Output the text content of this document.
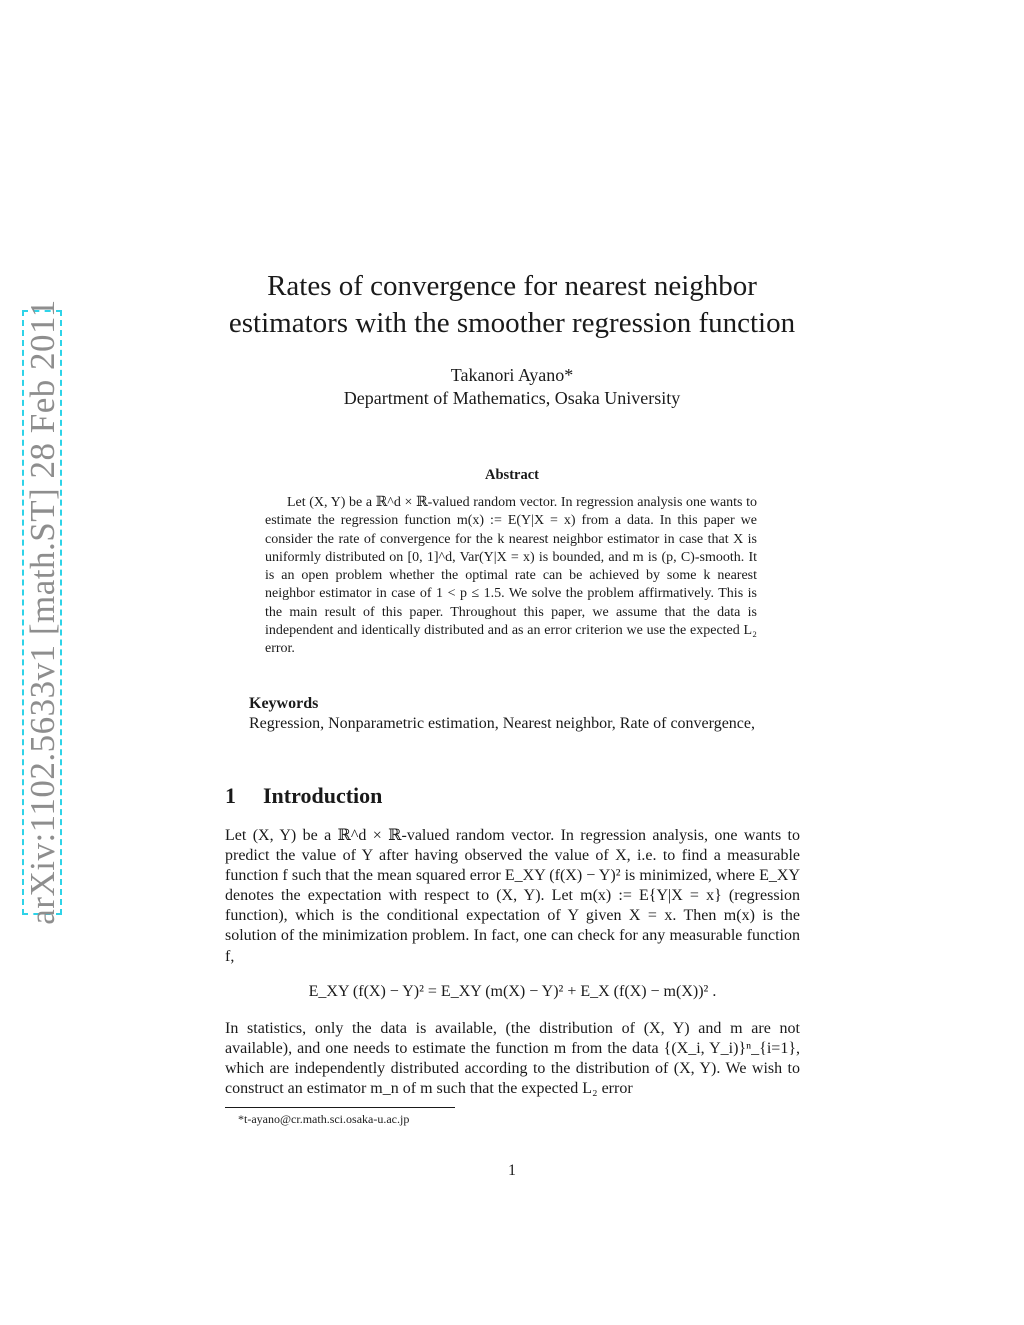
arXiv:1102.5633v1 [math.ST] 28 Feb 2011
Rates of convergence for nearest neighbor
estimators with the smoother regression function
Takanori Ayano*
Department of Mathematics, Osaka University
Abstract
Let (X, Y) be a ℝ^d × ℝ-valued random vector. In regression analysis one wants to estimate the regression function m(x) := E(Y|X = x) from a data. In this paper we consider the rate of convergence for the k nearest neighbor estimator in case that X is uniformly distributed on [0, 1]^d, Var(Y|X = x) is bounded, and m is (p, C)-smooth. It is an open problem whether the optimal rate can be achieved by some k nearest neighbor estimator in case of 1 < p ≤ 1.5. We solve the problem affirmatively. This is the main result of this paper. Throughout this paper, we assume that the data is independent and identically distributed and as an error criterion we use the expected L₂ error.
Keywords
Regression, Nonparametric estimation, Nearest neighbor, Rate of convergence,
1 Introduction
Let (X, Y) be a ℝ^d × ℝ-valued random vector. In regression analysis, one wants to predict the value of Y after having observed the value of X, i.e. to find a measurable function f such that the mean squared error E_XY (f(X) − Y)² is minimized, where E_XY denotes the expectation with respect to (X, Y). Let m(x) := E{Y|X = x} (regression function), which is the conditional expectation of Y given X = x. Then m(x) is the solution of the minimization problem. In fact, one can check for any measurable function f,
E_XY (f(X) − Y)² = E_XY (m(X) − Y)² + E_X (f(X) − m(X))² .
In statistics, only the data is available, (the distribution of (X, Y) and m are not available), and one needs to estimate the function m from the data {(X_i, Y_i)}ⁿ_{i=1}, which are independently distributed according to the distribution of (X, Y). We wish to construct an estimator m_n of m such that the expected L₂ error
*t-ayano@cr.math.sci.osaka-u.ac.jp
1
